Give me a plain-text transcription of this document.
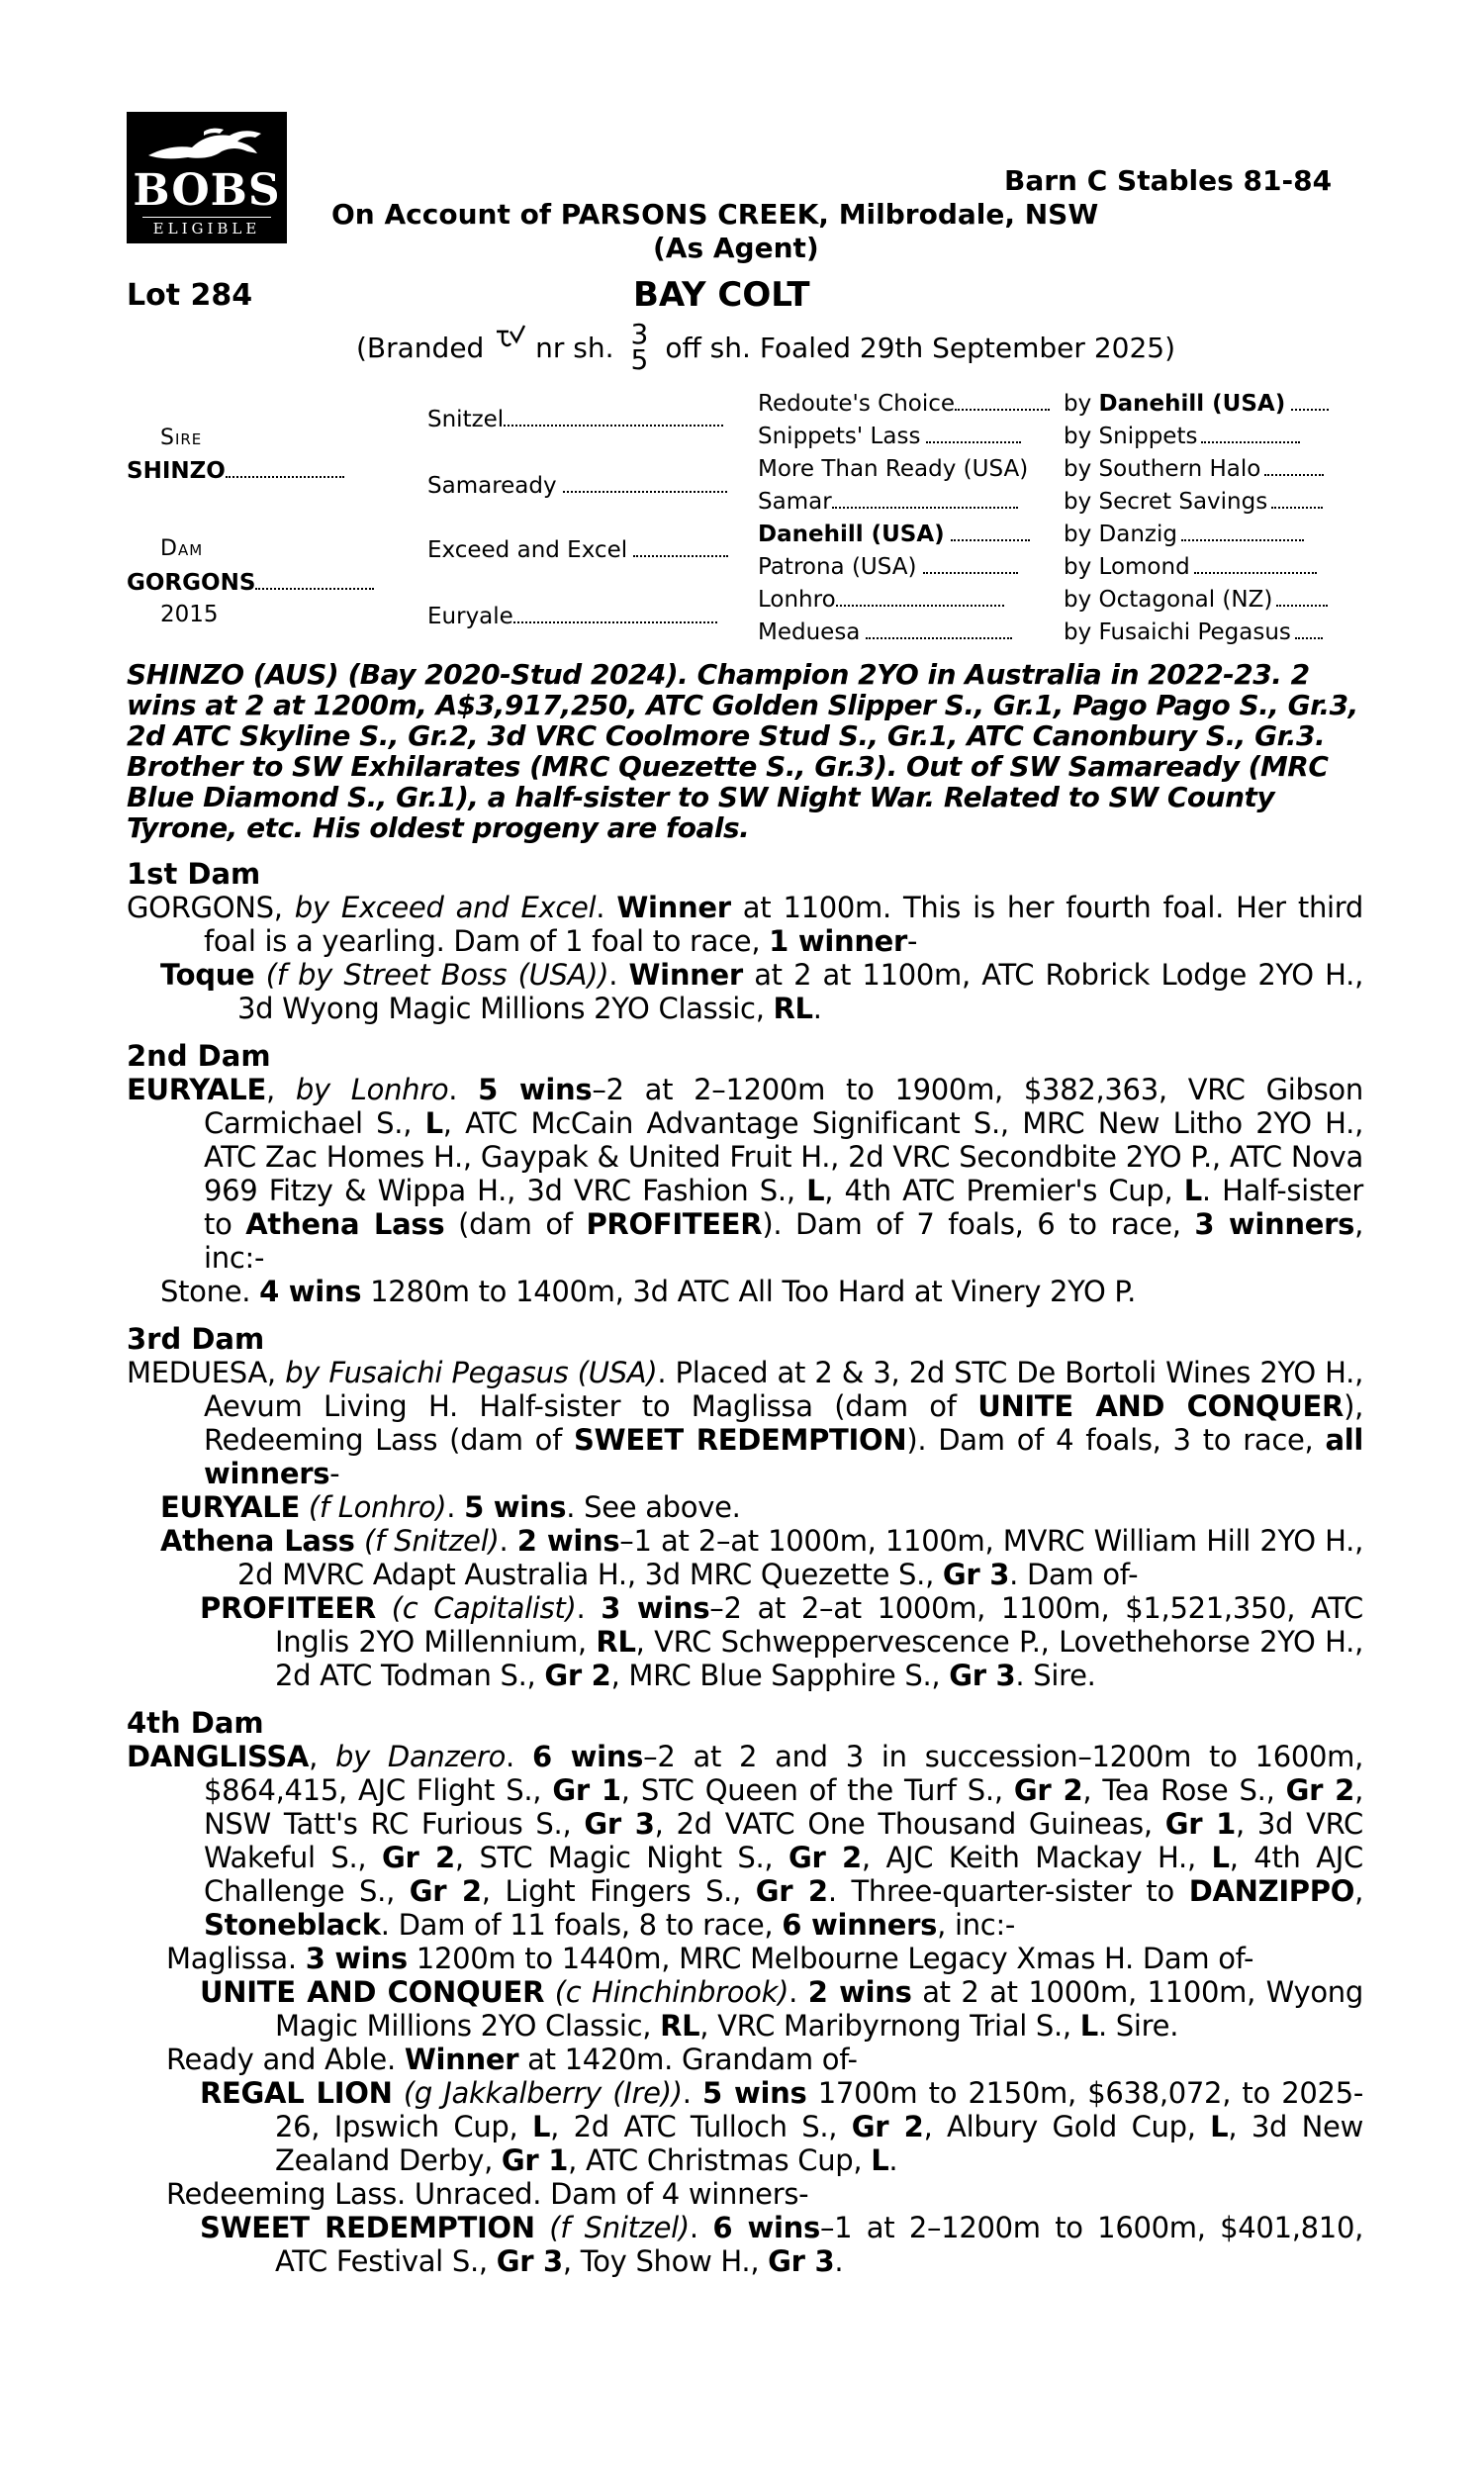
BOBS
ELIGIBLE
Barn C Stables 81-84
On Account of PARSONS CREEK, Milbrodale, NSW
(As Agent)
Lot 284	BAY COLT
(Branded nr sh. 3
5 off sh. Foaled 29th September 2025)
Sire
SHINZO
Dam
GORGONS
2015
Snitzel
Samaready
Exceed and Excel
Euryale
Redoute's Choice
Snippets' Lass
More Than Ready (USA)
Samar
Danehill (USA)
Patrona (USA)
Lonhro
Meduesa
by Danehill (USA)
by Snippets
by Southern Halo
by Secret Savings
by Danzig
by Lomond
by Octagonal (NZ)
by Fusaichi Pegasus
SHINZO (AUS) (Bay 2020-Stud 2024). Champion 2YO in Australia in 2022-23. 2 wins at 2 at 1200m, A$3,917,250, ATC Golden Slipper S., Gr.1, Pago Pago S., Gr.3, 2d ATC Skyline S., Gr.2, 3d VRC Coolmore Stud S., Gr.1, ATC Canonbury S., Gr.3. Brother to SW Exhilarates (MRC Quezette S., Gr.3). Out of SW Samaready (MRC Blue Diamond S., Gr.1), a half-sister to SW Night War. Related to SW County Tyrone, etc. His oldest progeny are foals.
1st Dam
GORGONS, by Exceed and Excel. Winner at 1100m. This is her fourth foal. Her third foal is a yearling. Dam of 1 foal to race, 1 winner-
Toque (f by Street Boss (USA)). Winner at 2 at 1100m, ATC Robrick Lodge 2YO H., 3d Wyong Magic Millions 2YO Classic, RL.
2nd Dam
EURYALE, by Lonhro. 5 wins–2 at 2–1200m to 1900m, $382,363, VRC Gibson Carmichael S., L, ATC McCain Advantage Significant S., MRC New Litho 2YO H., ATC Zac Homes H., Gaypak & United Fruit H., 2d VRC Secondbite 2YO P., ATC Nova 969 Fitzy & Wippa H., 3d VRC Fashion S., L, 4th ATC Premier's Cup, L. Half-sister to Athena Lass (dam of PROFITEER). Dam of 7 foals, 6 to race, 3 winners, inc:-
Stone. 4 wins 1280m to 1400m, 3d ATC All Too Hard at Vinery 2YO P.
3rd Dam
MEDUESA, by Fusaichi Pegasus (USA). Placed at 2 & 3, 2d STC De Bortoli Wines 2YO H., Aevum Living H. Half-sister to Maglissa (dam of UNITE AND CONQUER), Redeeming Lass (dam of SWEET REDEMPTION). Dam of 4 foals, 3 to race, all winners-
EURYALE (f Lonhro). 5 wins. See above.
Athena Lass (f Snitzel). 2 wins–1 at 2–at 1000m, 1100m, MVRC William Hill 2YO H., 2d MVRC Adapt Australia H., 3d MRC Quezette S., Gr 3. Dam of-
PROFITEER (c Capitalist). 3 wins–2 at 2–at 1000m, 1100m, $1,521,350, ATC Inglis 2YO Millennium, RL, VRC Schweppervescence P., Lovethehorse 2YO H., 2d ATC Todman S., Gr 2, MRC Blue Sapphire S., Gr 3. Sire.
4th Dam
DANGLISSA, by Danzero. 6 wins–2 at 2 and 3 in succession–1200m to 1600m, $864,415, AJC Flight S., Gr 1, STC Queen of the Turf S., Gr 2, Tea Rose S., Gr 2, NSW Tatt's RC Furious S., Gr 3, 2d VATC One Thousand Guineas, Gr 1, 3d VRC Wakeful S., Gr 2, STC Magic Night S., Gr 2, AJC Keith Mackay H., L, 4th AJC Challenge S., Gr 2, Light Fingers S., Gr 2. Three-quarter-sister to DANZIPPO, Stoneblack. Dam of 11 foals, 8 to race, 6 winners, inc:-
Maglissa. 3 wins 1200m to 1440m, MRC Melbourne Legacy Xmas H. Dam of-
UNITE AND CONQUER (c Hinchinbrook). 2 wins at 2 at 1000m, 1100m, Wyong Magic Millions 2YO Classic, RL, VRC Maribyrnong Trial S., L. Sire.
Ready and Able. Winner at 1420m. Grandam of-
REGAL LION (g Jakkalberry (Ire)). 5 wins 1700m to 2150m, $638,072, to 2025-26, Ipswich Cup, L, 2d ATC Tulloch S., Gr 2, Albury Gold Cup, L, 3d New Zealand Derby, Gr 1, ATC Christmas Cup, L.
Redeeming Lass. Unraced. Dam of 4 winners-
SWEET REDEMPTION (f Snitzel). 6 wins–1 at 2–1200m to 1600m, $401,810, ATC Festival S., Gr 3, Toy Show H., Gr 3.
